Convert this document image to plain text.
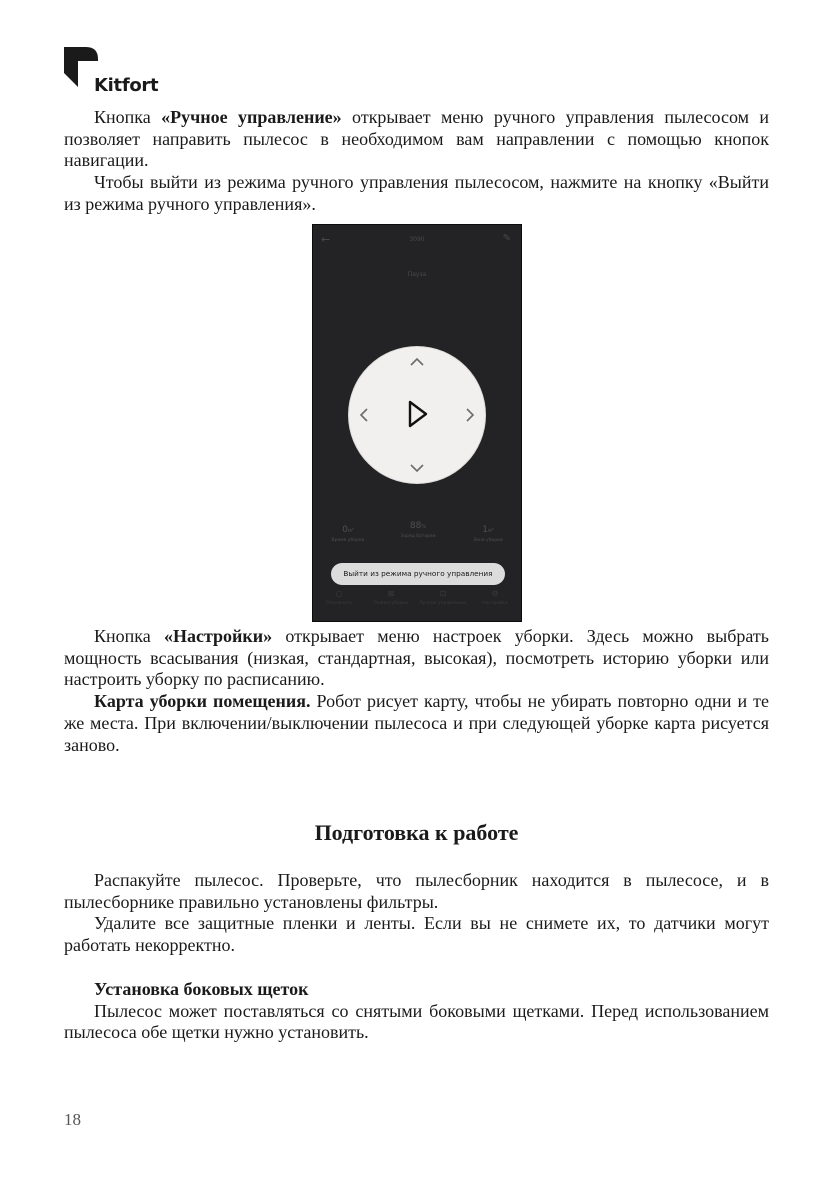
Kitfort

Кнопка «Ручное управление» открывает меню ручного управления пылесосом и позволяет направить пылесос в необходимом вам направлении с помощью кнопок навигации.

Чтобы выйти из режима ручного управления пылесосом, нажмите на кнопку «Выйти из режима ручного управления».

←	3090	✎
Пауза
0м²
Время уборки
88%
Заряд батареи
1м²
Зона уборки
Выйти из режима ручного управления
○
Отключить
⊠
Режим уборки
⊡
Ручное управление
⚙
Настройки

Кнопка «Настройки» открывает меню настроек уборки. Здесь можно выбрать мощность всасывания (низкая, стандартная, высокая), посмотреть историю уборки или настроить уборку по расписанию.

Карта уборки помещения. Робот рисует карту, чтобы не убирать повторно одни и те же места. При включении/выключении пылесоса и при следующей уборке карта рисуется заново.

Подготовка к работе

Распакуйте пылесос. Проверьте, что пылесборник находится в пылесосе, и в пылесборнике правильно установлены фильтры.

Удалите все защитные пленки и ленты. Если вы не снимете их, то датчики могут работать некорректно.

Установка боковых щеток

Пылесос может поставляться со снятыми боковыми щетками. Перед использованием пылесоса обе щетки нужно установить.

18
